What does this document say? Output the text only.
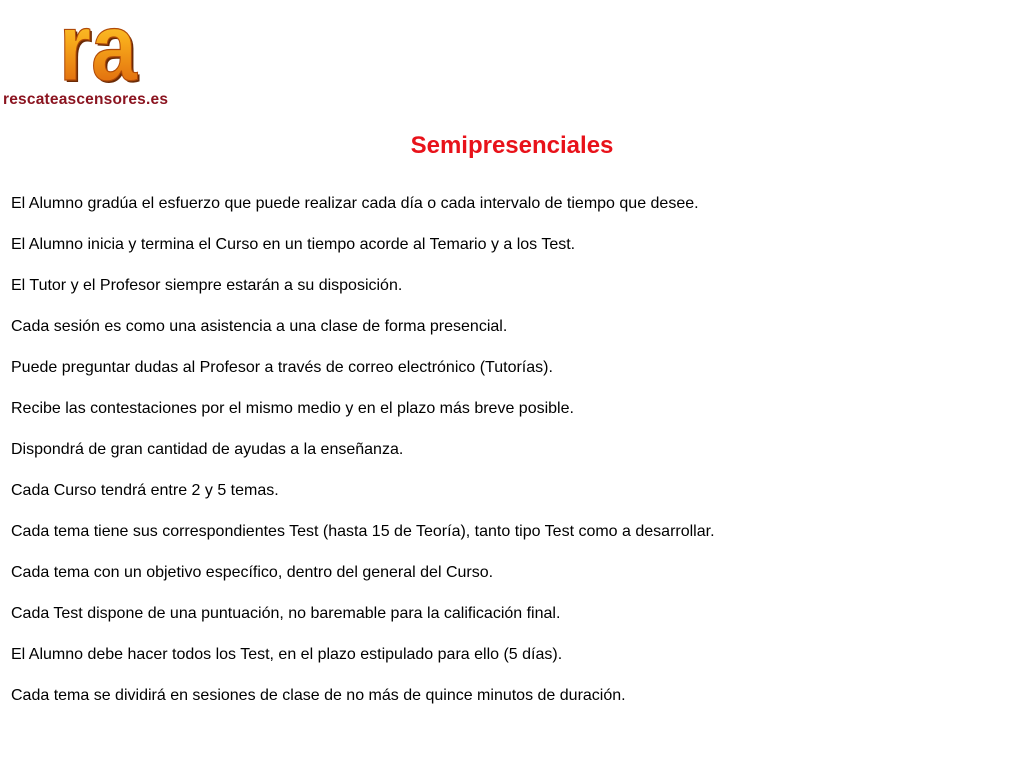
ra
ra
rescateascensores.es
Semipresenciales
El Alumno gradúa el esfuerzo que puede realizar cada día o cada intervalo de tiempo que desee.
El Alumno inicia y termina el Curso en un tiempo acorde al Temario y a los Test.
El Tutor y el Profesor siempre estarán a su disposición.
Cada sesión es como una asistencia a una clase de forma presencial.
Puede preguntar dudas al Profesor a través de correo electrónico (Tutorías).
Recibe las contestaciones por el mismo medio y en el plazo más breve posible.
Dispondrá de gran cantidad de ayudas a la enseñanza.
Cada Curso tendrá entre 2 y 5 temas.
Cada tema tiene sus correspondientes Test (hasta 15 de Teoría), tanto tipo Test como a desarrollar.
Cada tema con un objetivo específico, dentro del general del Curso.
Cada Test dispone de una puntuación, no baremable para la calificación final.
El Alumno debe hacer todos los Test, en el plazo estipulado para ello (5 días).
Cada tema se dividirá en sesiones de clase de no más de quince minutos de duración.
